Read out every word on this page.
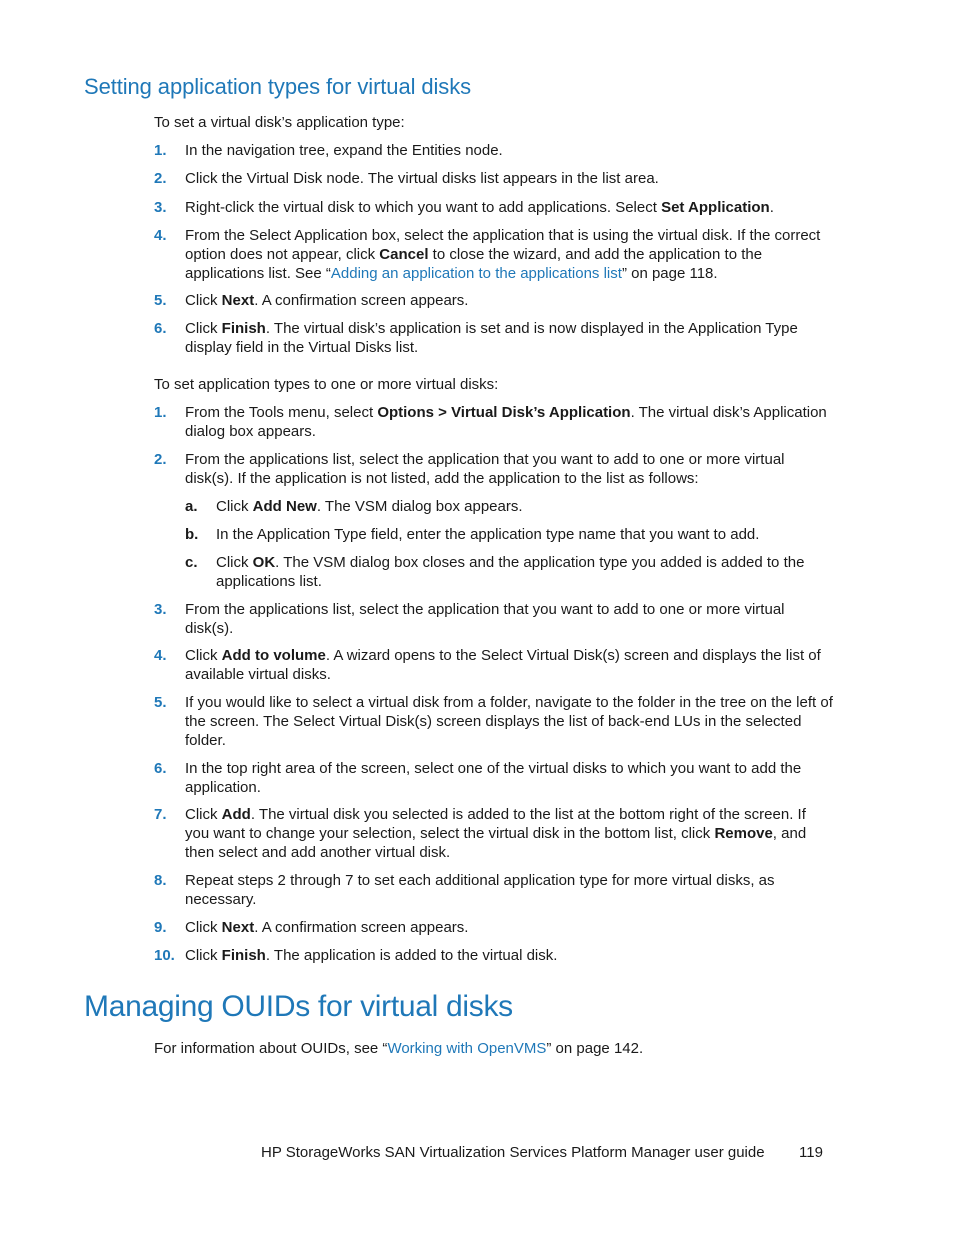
Setting application types for virtual disks

To set a virtual disk’s application type:

1.	In the navigation tree, expand the Entities node.
2.	Click the Virtual Disk node. The virtual disks list appears in the list area.
3.	Right-click the virtual disk to which you want to add applications. Select Set Application.
4.	From the Select Application box, select the application that is using the virtual disk. If the correct option does not appear, click Cancel to close the wizard, and add the application to the applications list. See “Adding an application to the applications list” on page 118.
5.	Click Next. A confirmation screen appears.
6.	Click Finish. The virtual disk’s application is set and is now displayed in the Application Type display field in the Virtual Disks list.

To set application types to one or more virtual disks:

1.	From the Tools menu, select Options > Virtual Disk’s Application. The virtual disk’s Application dialog box appears.
2.	From the applications list, select the application that you want to add to one or more virtual disk(s). If the application is not listed, add the application to the list as follows:
a. Click Add New. The VSM dialog box appears.
b. In the Application Type field, enter the application type name that you want to add.
c. Click OK. The VSM dialog box closes and the application type you added is added to the applications list.
3.	From the applications list, select the application that you want to add to one or more virtual disk(s).
4.	Click Add to volume. A wizard opens to the Select Virtual Disk(s) screen and displays the list of available virtual disks.
5.	If you would like to select a virtual disk from a folder, navigate to the folder in the tree on the left of the screen. The Select Virtual Disk(s) screen displays the list of back-end LUs in the selected folder.
6.	In the top right area of the screen, select one of the virtual disks to which you want to add the application.
7.	Click Add. The virtual disk you selected is added to the list at the bottom right of the screen. If you want to change your selection, select the virtual disk in the bottom list, click Remove, and then select and add another virtual disk.
8.	Repeat steps 2 through 7 to set each additional application type for more virtual disks, as necessary.
9.	Click Next. A confirmation screen appears.
10. Click Finish. The application is added to the virtual disk.
Managing OUIDs for virtual disks

For information about OUIDs, see “Working with OpenVMS” on page 142.

HP StorageWorks SAN Virtualization Services Platform Manager user guide 119
